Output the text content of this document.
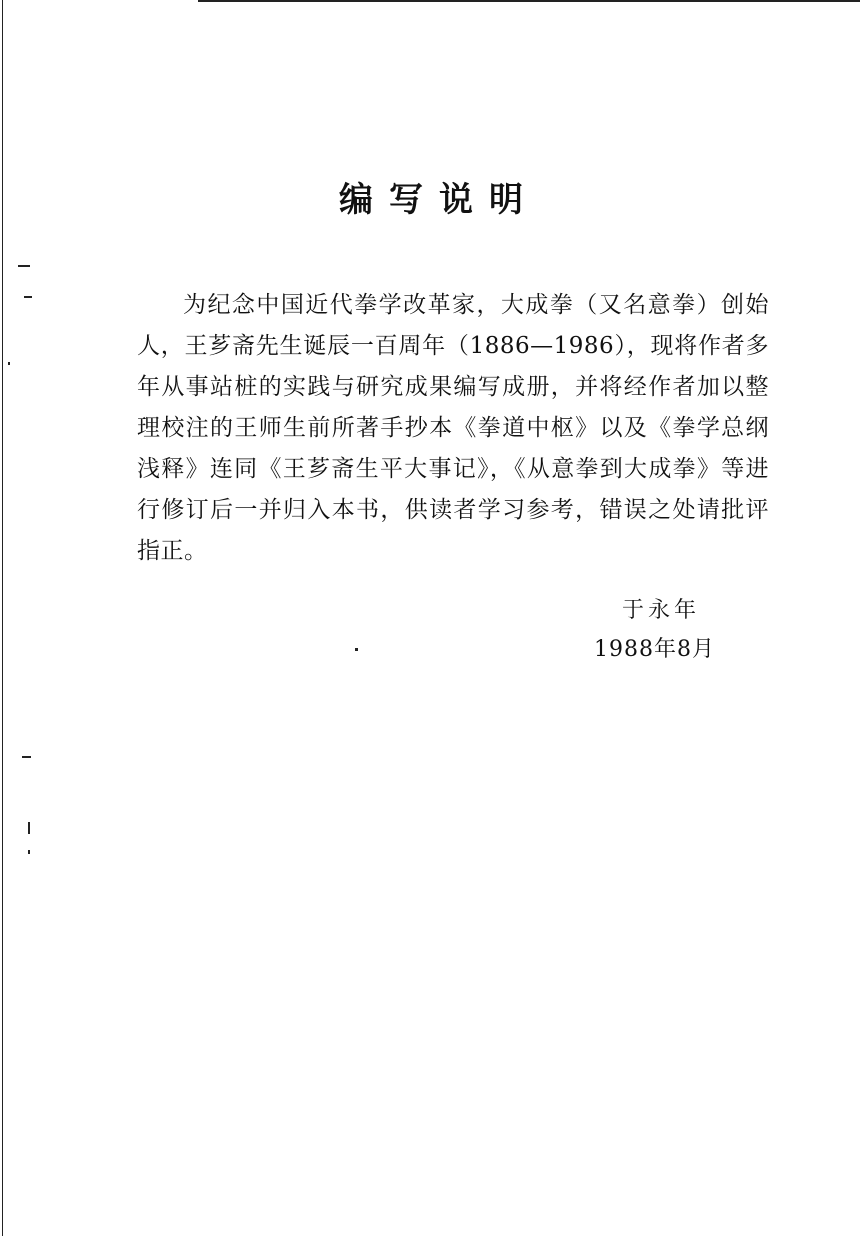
编写说明

为纪念中国近代拳学改革家，大成拳（又名意拳）创始人，王芗斋先生诞辰一百周年（1886—1986），现将作者多年从事站桩的实践与研究成果编写成册，并将经作者加以整理校注的王师生前所著手抄本《拳道中枢》以及《拳学总纲浅释》连同《王芗斋生平大事记》，《从意拳到大成拳》等进行修订后一并归入本书，供读者学习参考，错误之处请批评指正。

于永年
1988年8月
